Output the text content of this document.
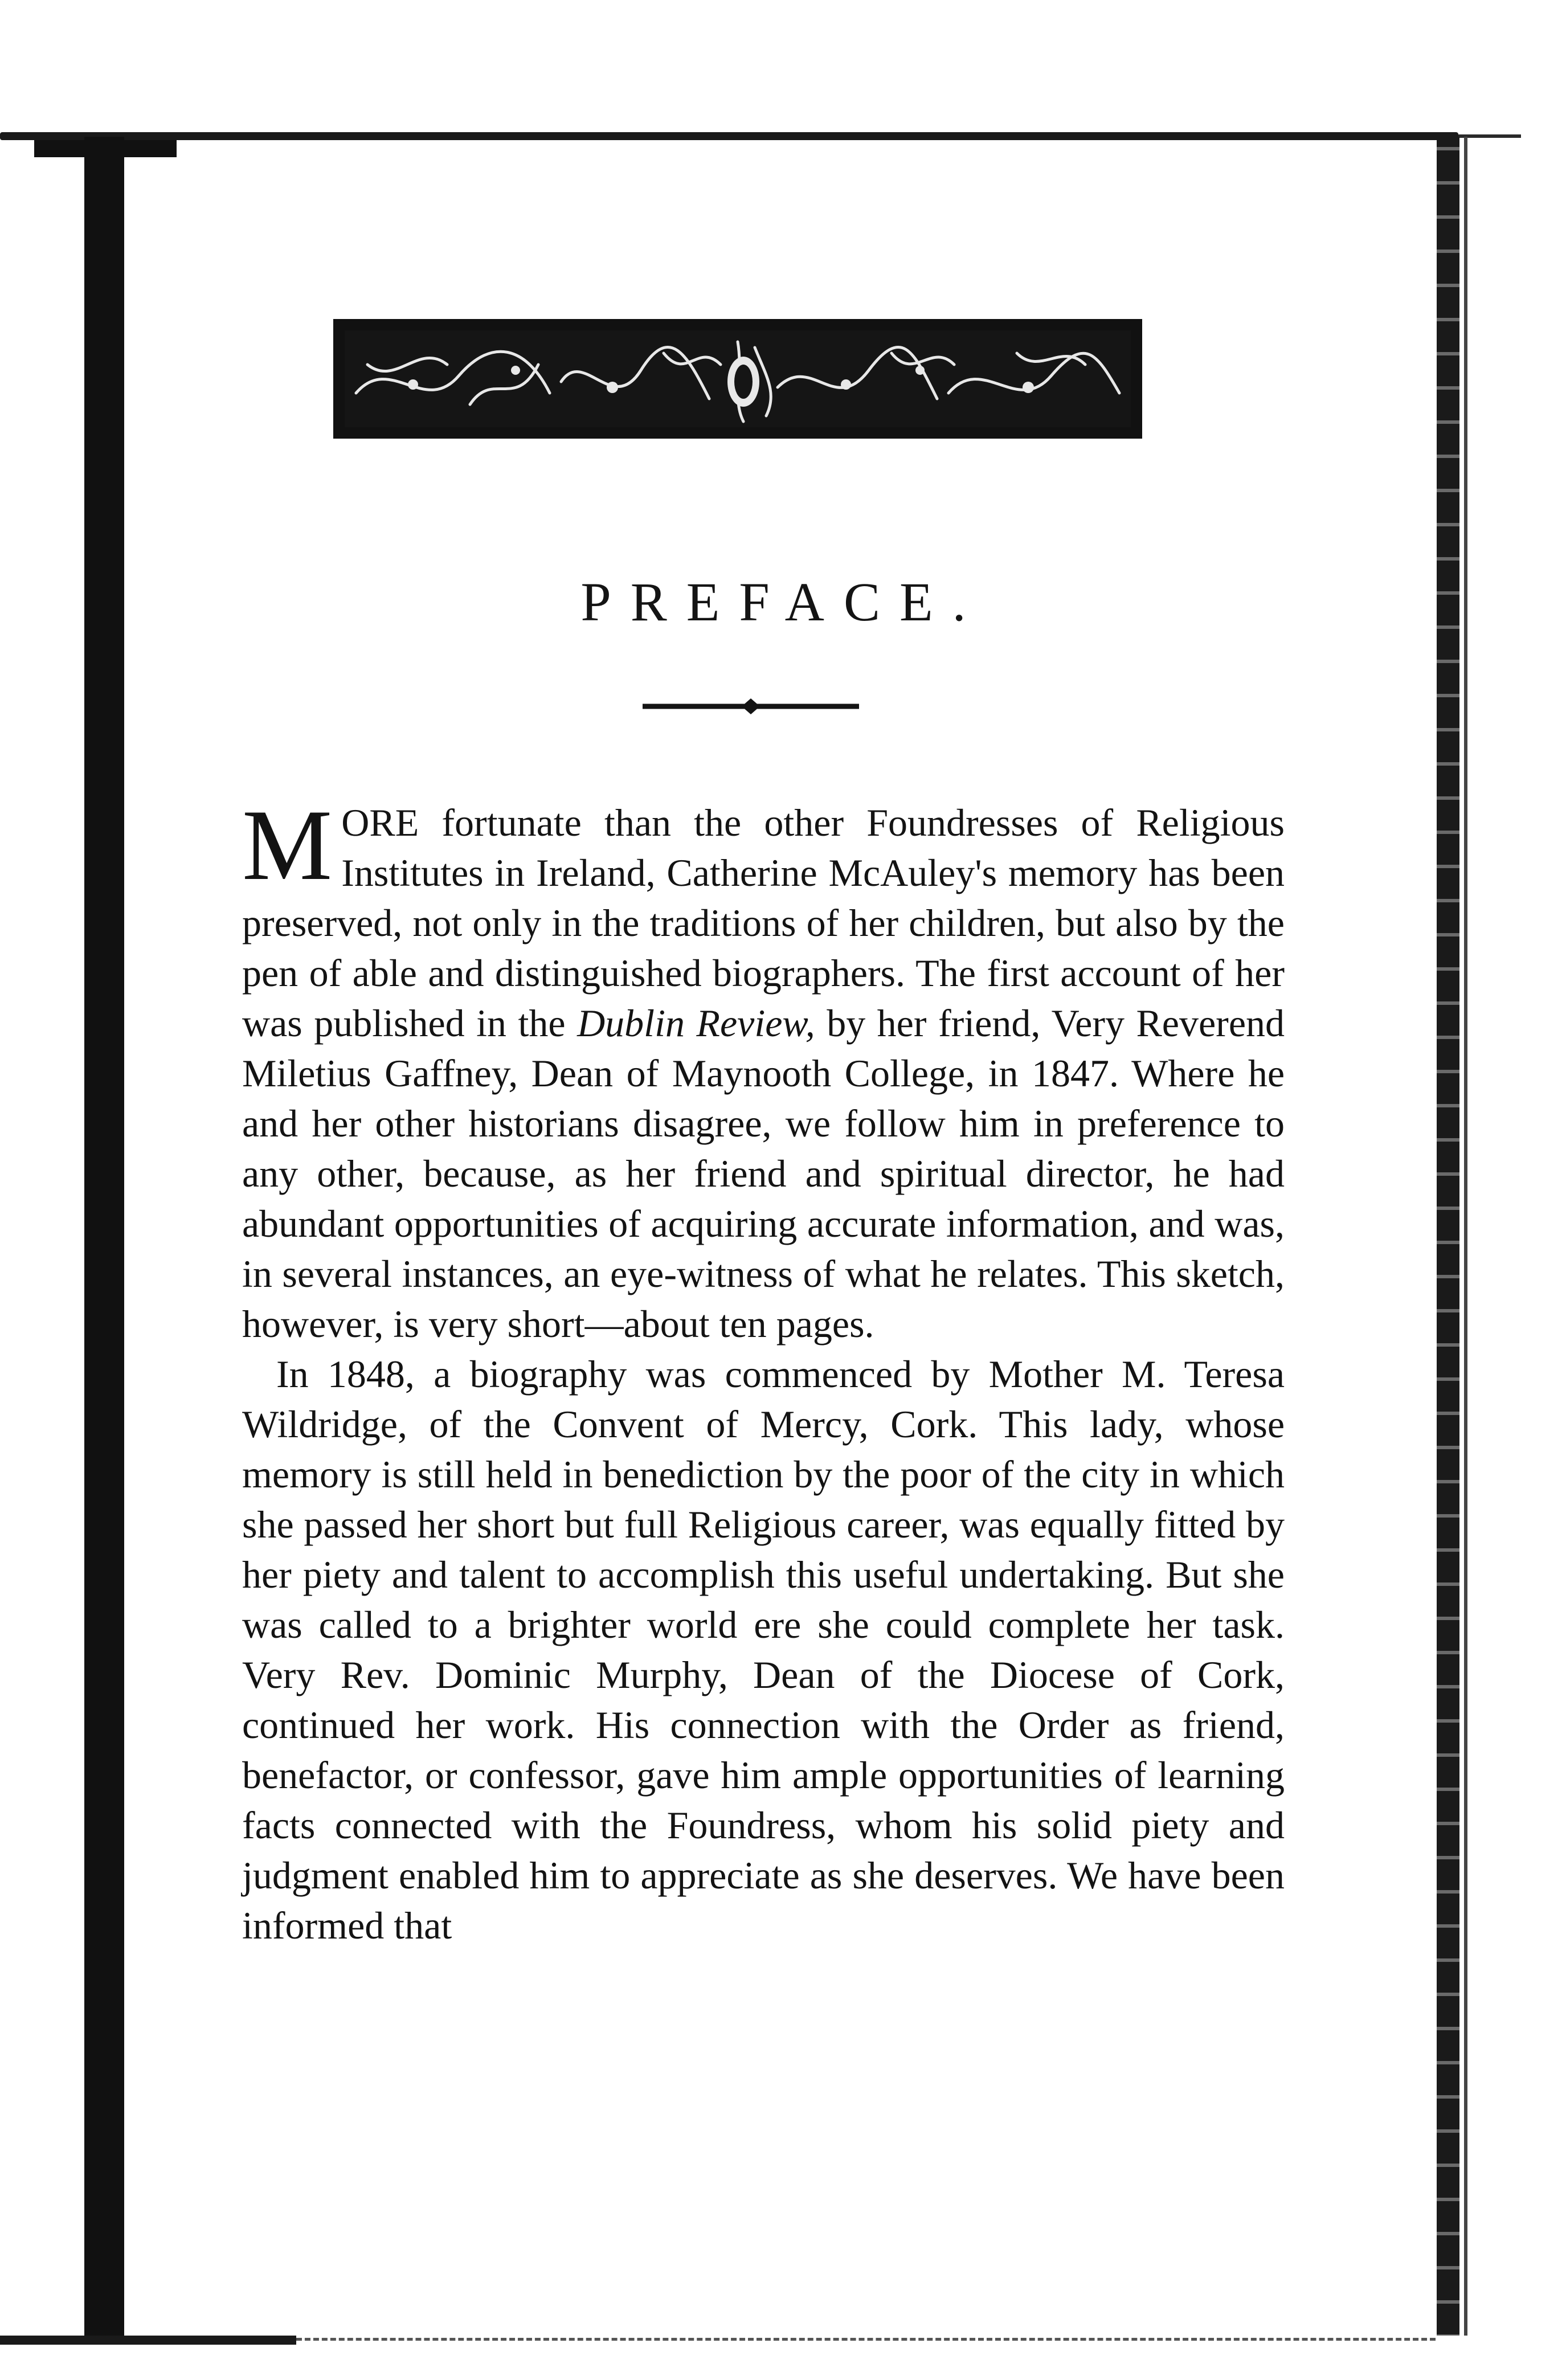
PREFACE.

MORE fortunate than the other Foundresses of Religious Institutes in Ireland, Catherine McAuley's memory has been preserved, not only in the traditions of her children, but also by the pen of able and distinguished biographers. The first account of her was published in the Dublin Review, by her friend, Very Reverend Miletius Gaffney, Dean of Maynooth College, in 1847. Where he and her other historians disagree, we follow him in preference to any other, because, as her friend and spiritual director, he had abundant opportunities of acquiring accurate information, and was, in several instances, an eye-witness of what he relates. This sketch, however, is very short—about ten pages.

In 1848, a biography was commenced by Mother M. Teresa Wildridge, of the Convent of Mercy, Cork. This lady, whose memory is still held in benediction by the poor of the city in which she passed her short but full Religious career, was equally fitted by her piety and talent to accomplish this useful undertaking. But she was called to a brighter world ere she could complete her task. Very Rev. Dominic Murphy, Dean of the Diocese of Cork, continued her work. His connection with the Order as friend, benefactor, or confessor, gave him ample opportunities of learning facts connected with the Foundress, whom his solid piety and judgment enabled him to appreciate as she deserves. We have been informed that
